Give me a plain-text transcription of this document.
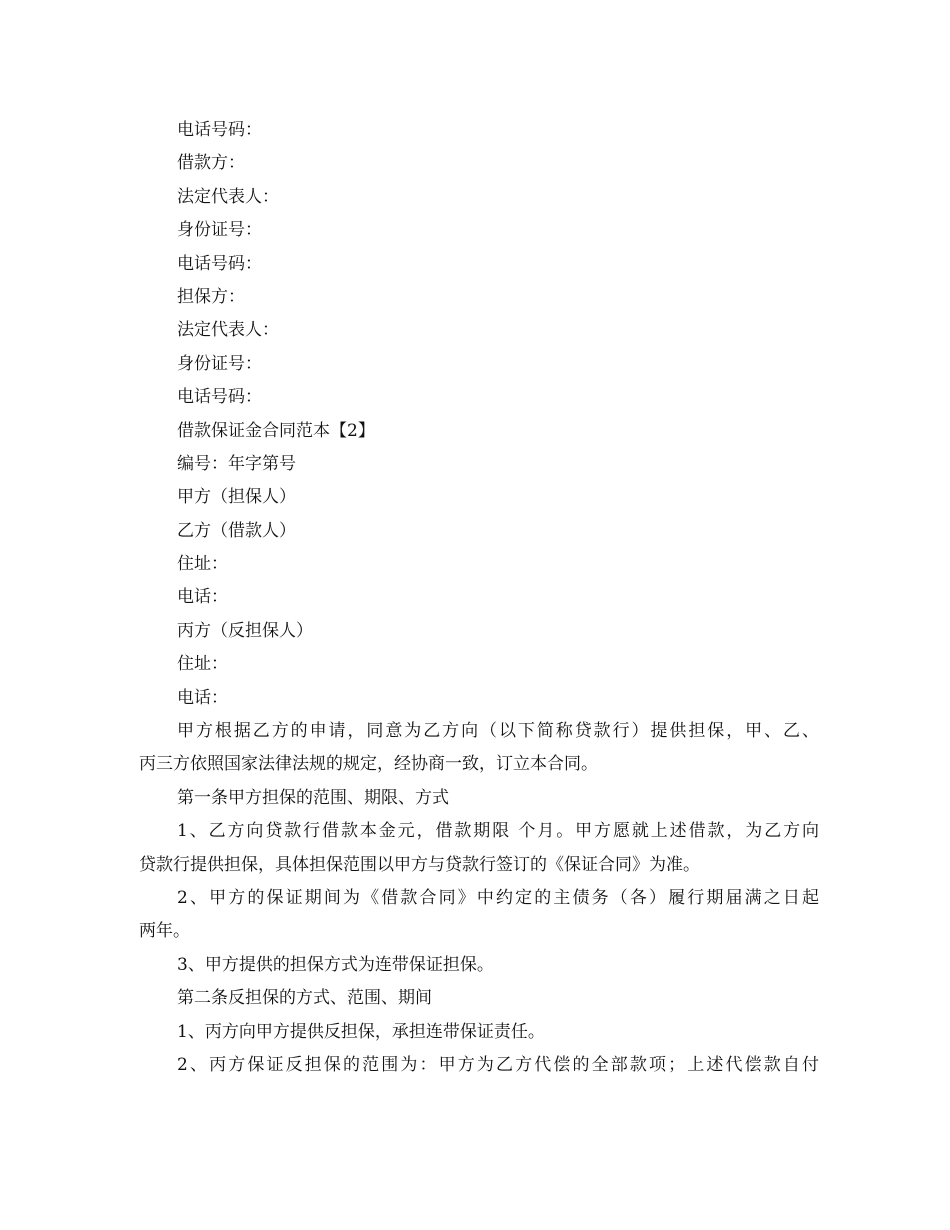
电话号码：
借款方：
法定代表人：
身份证号：
电话号码：
担保方：
法定代表人：
身份证号：
电话号码：
借款保证金合同范本【2】
编号：年字第号
甲方（担保人）
乙方（借款人）
住址：
电话：
丙方（反担保人）
住址：
电话：
甲方根据乙方的申请，同意为乙方向（以下简称贷款行）提供担保，甲、乙、
丙三方依照国家法律法规的规定，经协商一致，订立本合同。
第一条甲方担保的范围、期限、方式
1、乙方向贷款行借款本金元，借款期限 个月。甲方愿就上述借款，为乙方向
贷款行提供担保，具体担保范围以甲方与贷款行签订的《保证合同》为准。
2、甲方的保证期间为《借款合同》中约定的主债务（各）履行期届满之日起
两年。
3、甲方提供的担保方式为连带保证担保。
第二条反担保的方式、范围、期间
1、丙方向甲方提供反担保，承担连带保证责任。
2、丙方保证反担保的范围为：甲方为乙方代偿的全部款项；上述代偿款自付
